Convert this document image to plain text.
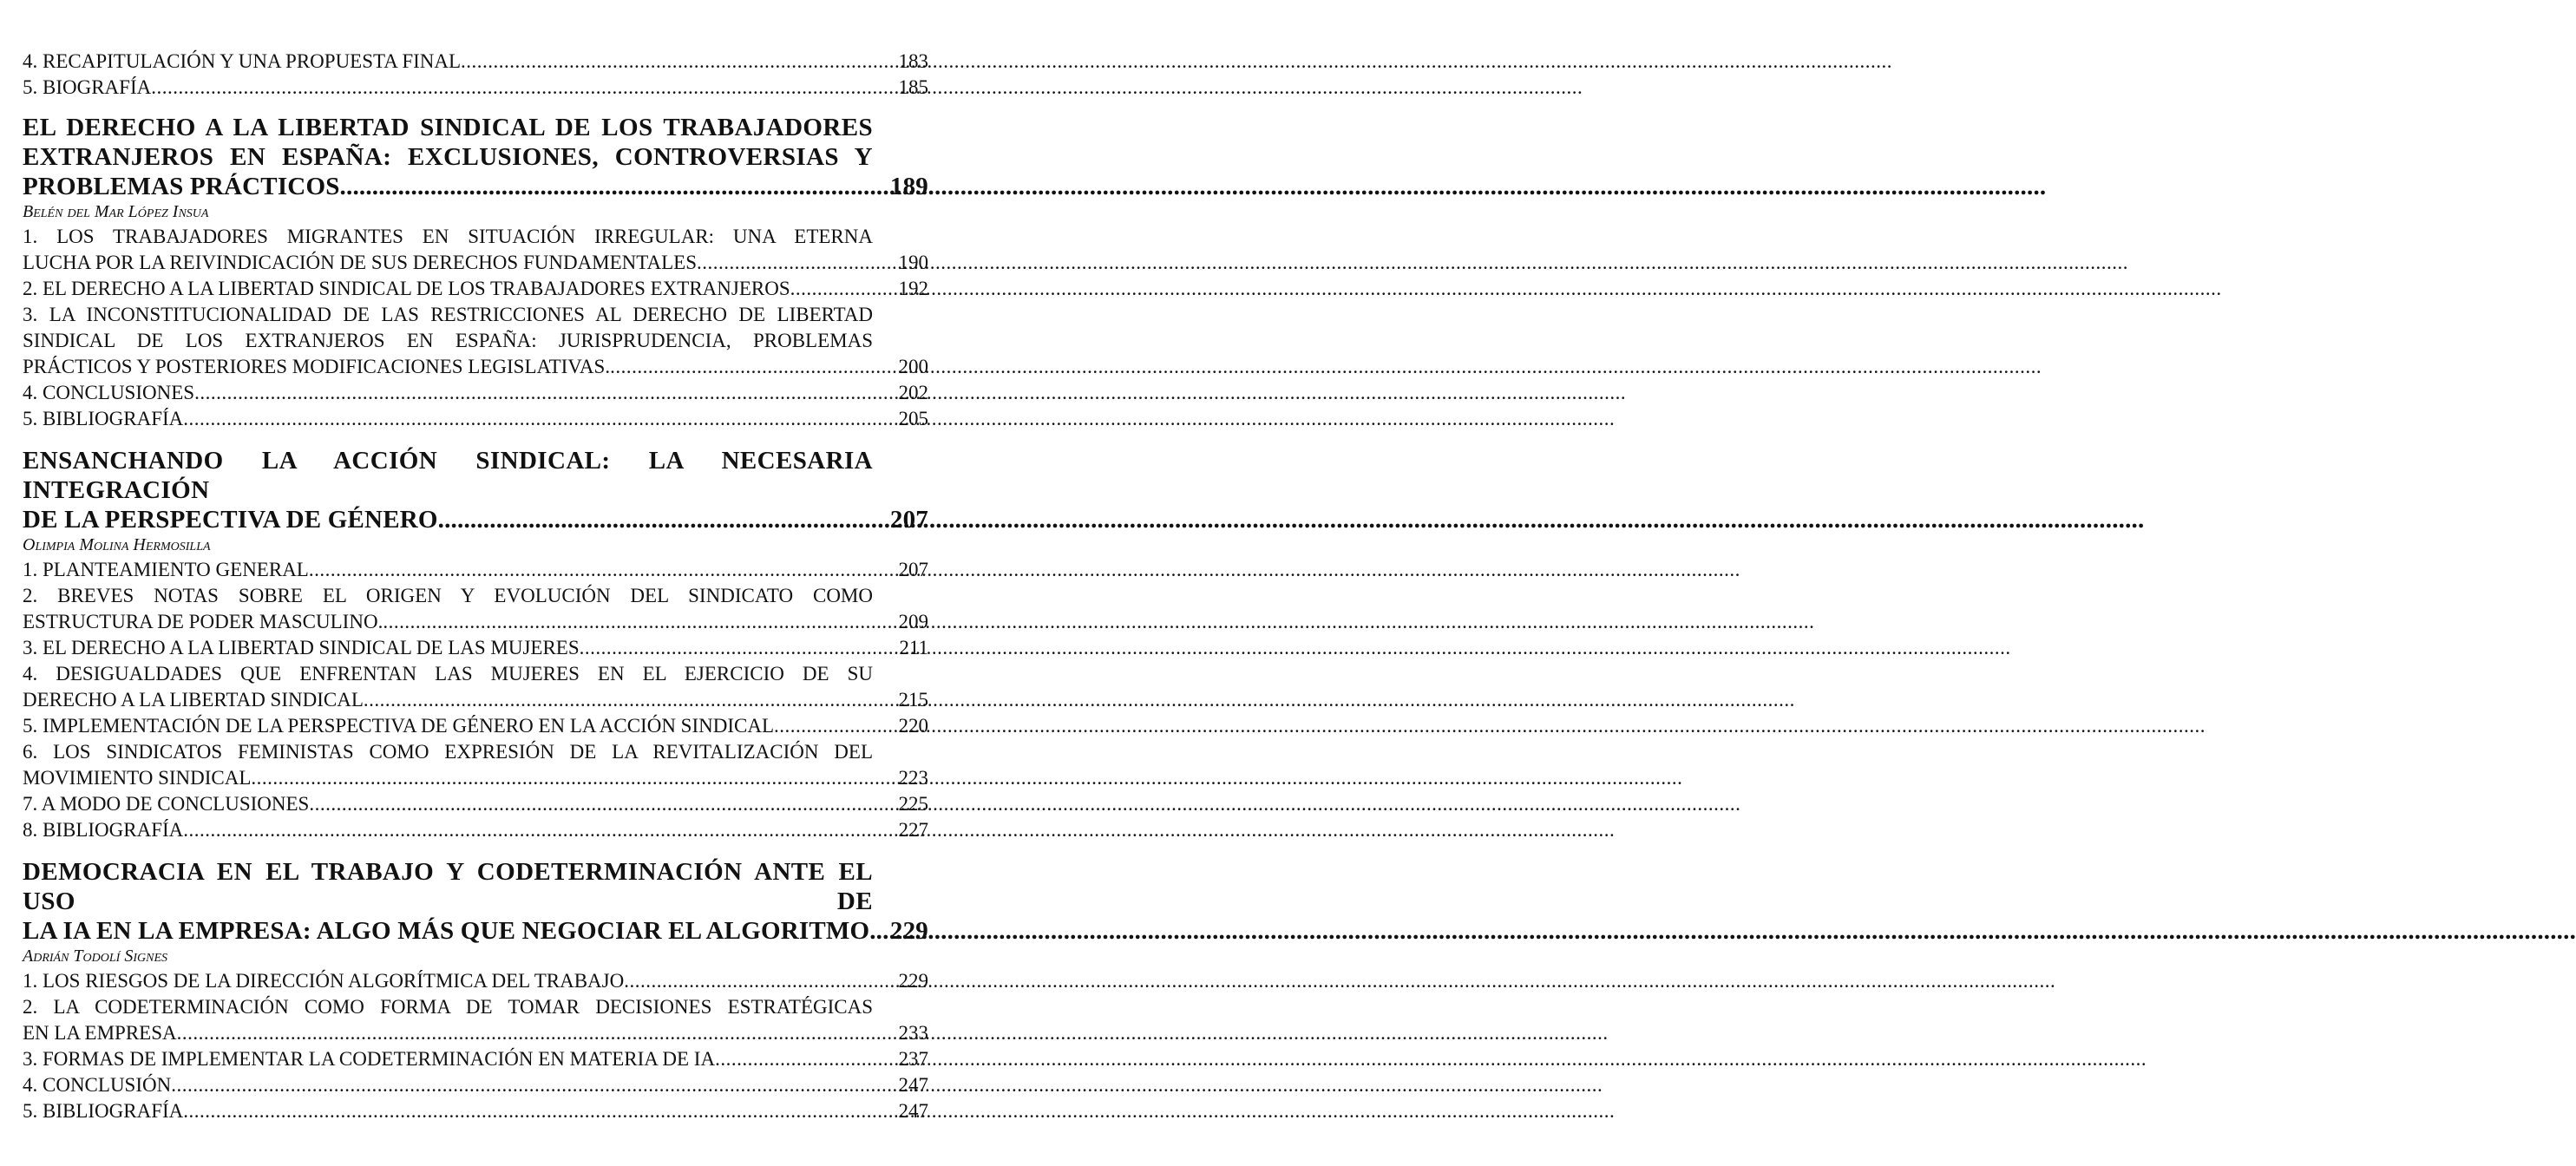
4. RECAPITULACIÓN Y UNA PROPUESTA FINAL .....	183
5. BIOGRAFÍA .....	185
EL DERECHO A LA LIBERTAD SINDICAL DE LOS TRABAJADORES
EXTRANJEROS EN ESPAÑA: EXCLUSIONES, CONTROVERSIAS Y
PROBLEMAS PRÁCTICOS .....	189
Belén del Mar López Insua
1. LOS TRABAJADORES MIGRANTES EN SITUACIÓN IRREGULAR: UNA ETERNA
LUCHA POR LA REIVINDICACIÓN DE SUS DERECHOS FUNDAMENTALES .....	190
2. EL DERECHO A LA LIBERTAD SINDICAL DE LOS TRABAJADORES EXTRANJEROS .....	192
3. LA INCONSTITUCIONALIDAD DE LAS RESTRICCIONES AL DERECHO DE LIBERTAD
SINDICAL DE LOS EXTRANJEROS EN ESPAÑA: JURISPRUDENCIA, PROBLEMAS
PRÁCTICOS Y POSTERIORES MODIFICACIONES LEGISLATIVAS. .....	200
4. CONCLUSIONES .....	202
5. BIBLIOGRAFÍA .....	205
ENSANCHANDO LA ACCIÓN SINDICAL: LA NECESARIA INTEGRACIÓN
DE LA PERSPECTIVA DE GÉNERO .....	207
Olimpia Molina Hermosilla
1. PLANTEAMIENTO GENERAL .....	207
2. BREVES NOTAS SOBRE EL ORIGEN Y EVOLUCIÓN DEL SINDICATO COMO
ESTRUCTURA DE PODER MASCULINO. .....	209
3. EL DERECHO A LA LIBERTAD SINDICAL DE LAS MUJERES .....	211
4. DESIGUALDADES QUE ENFRENTAN LAS MUJERES EN EL EJERCICIO DE SU
DERECHO A LA LIBERTAD SINDICAL .....	215
5. IMPLEMENTACIÓN DE LA PERSPECTIVA DE GÉNERO EN LA ACCIÓN SINDICAL .....	220
6. LOS SINDICATOS FEMINISTAS COMO EXPRESIÓN DE LA REVITALIZACIÓN DEL
MOVIMIENTO SINDICAL .....	223
7. A MODO DE CONCLUSIONES .....	225
8. BIBLIOGRAFÍA .....	227
DEMOCRACIA EN EL TRABAJO Y CODETERMINACIÓN ANTE EL USO DE
LA IA EN LA EMPRESA: ALGO MÁS QUE NEGOCIAR EL ALGORITMO ..... 229
Adrián Todolí Signes
1. LOS RIESGOS DE LA DIRECCIÓN ALGORÍTMICA DEL TRABAJO .....	229
2. LA CODETERMINACIÓN COMO FORMA DE TOMAR DECISIONES ESTRATÉGICAS
EN LA EMPRESA .....	233
3. FORMAS DE IMPLEMENTAR LA CODETERMINACIÓN EN MATERIA DE IA .....	237
4. CONCLUSIÓN .....	247
5. BIBLIOGRAFÍA .....	247
